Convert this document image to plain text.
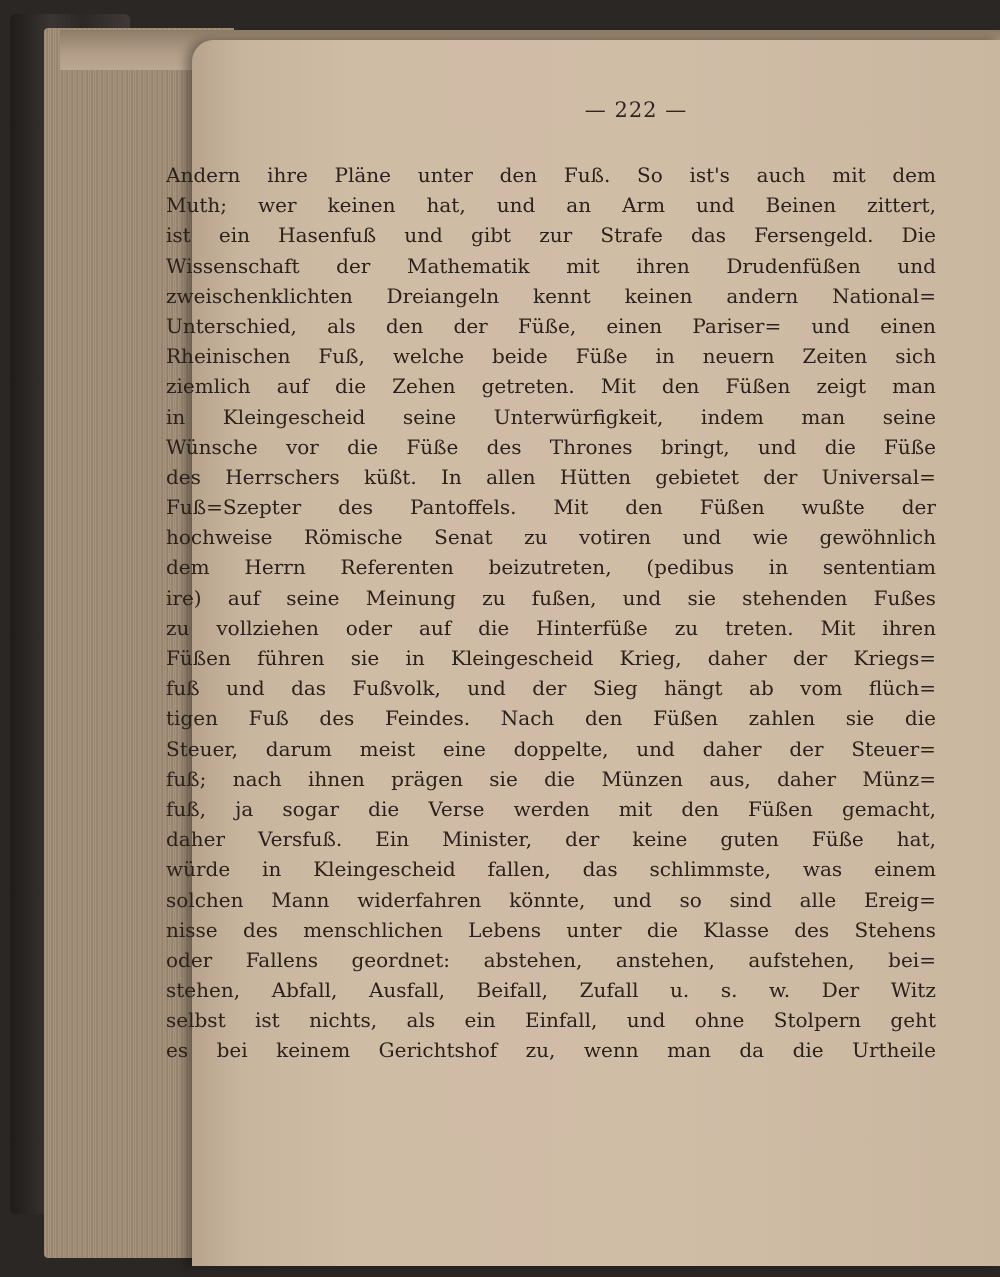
— 222 —
Andern ihre Pläne unter den Fuß. So ist's auch mit dem
Muth; wer keinen hat, und an Arm und Beinen zittert,
ist ein Hasenfuß und gibt zur Strafe das Fersengeld. Die
Wissenschaft der Mathematik mit ihren Drudenfüßen und
zweischenklichten Dreiangeln kennt keinen andern National=
Unterschied, als den der Füße, einen Pariser= und einen
Rheinischen Fuß, welche beide Füße in neuern Zeiten sich
ziemlich auf die Zehen getreten. Mit den Füßen zeigt man
in Kleingescheid seine Unterwürfigkeit, indem man seine
Wünsche vor die Füße des Thrones bringt, und die Füße
des Herrschers küßt. In allen Hütten gebietet der Universal=
Fuß=Szepter des Pantoffels. Mit den Füßen wußte der
hochweise Römische Senat zu votiren und wie gewöhnlich
dem Herrn Referenten beizutreten, (pedibus in sententiam
ire) auf seine Meinung zu fußen, und sie stehenden Fußes
zu vollziehen oder auf die Hinterfüße zu treten. Mit ihren
Füßen führen sie in Kleingescheid Krieg, daher der Kriegs=
fuß und das Fußvolk, und der Sieg hängt ab vom flüch=
tigen Fuß des Feindes. Nach den Füßen zahlen sie die
Steuer, darum meist eine doppelte, und daher der Steuer=
fuß; nach ihnen prägen sie die Münzen aus, daher Münz=
fuß, ja sogar die Verse werden mit den Füßen gemacht,
daher Versfuß. Ein Minister, der keine guten Füße hat,
würde in Kleingescheid fallen, das schlimmste, was einem
solchen Mann widerfahren könnte, und so sind alle Ereig=
nisse des menschlichen Lebens unter die Klasse des Stehens
oder Fallens geordnet: abstehen, anstehen, aufstehen, bei=
stehen, Abfall, Ausfall, Beifall, Zufall u. s. w. Der Witz
selbst ist nichts, als ein Einfall, und ohne Stolpern geht
es bei keinem Gerichtshof zu, wenn man da die Urtheile
